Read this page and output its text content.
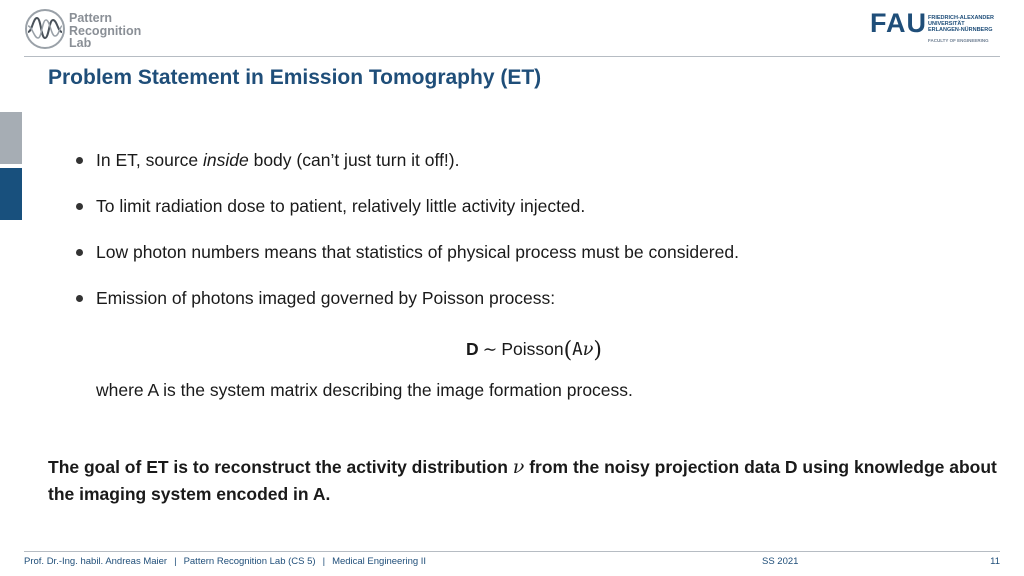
Pattern
Recognition
Lab
FAU FRIEDRICH-ALEXANDER
UNIVERSITÄT
ERLANGEN-NÜRNBERG
FACULTY OF ENGINEERING
Problem Statement in Emission Tomography (ET)
In ET, source inside body (can’t just turn it off!).
To limit radiation dose to patient, relatively little activity injected.
Low photon numbers means that statistics of physical process must be considered.
Emission of photons imaged governed by Poisson process:
D ∼ Poisson(Aν)
where A is the system matrix describing the image formation process.
The goal of ET is to reconstruct the activity distribution ν from the noisy projection data D using knowledge about the imaging system encoded in A.
Prof. Dr.-Ing. habil. Andreas Maier | Pattern Recognition Lab (CS 5) | Medical Engineering II	SS 2021	11
